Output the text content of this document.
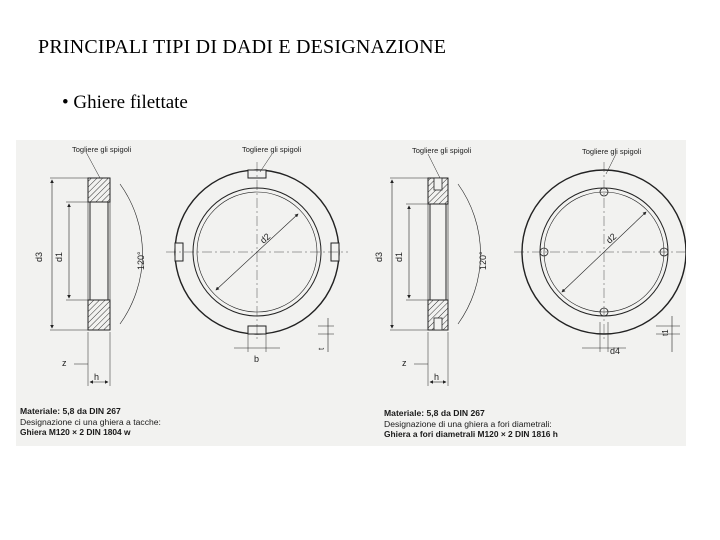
PRINCIPALI TIPI DI DADI E DESIGNAZIONE
• Ghiere filettate
Togliere gli spigoli
d3 d1	120°
z
h
Togliere gli spigoli
d2
b
t
Togliere gli spigoli
d3 d1	120°
z
h
Togliere gli spigoli
d2
d4
t1
Materiale: 5,8 da DIN 267
Designazione ci una ghiera a tacche:
Ghiera M120 × 2 DIN 1804 w
Materiale: 5,8 da DIN 267
Designazione di una ghiera a fori diametrali:
Ghiera a fori diametrali M120 × 2 DIN 1816 h
